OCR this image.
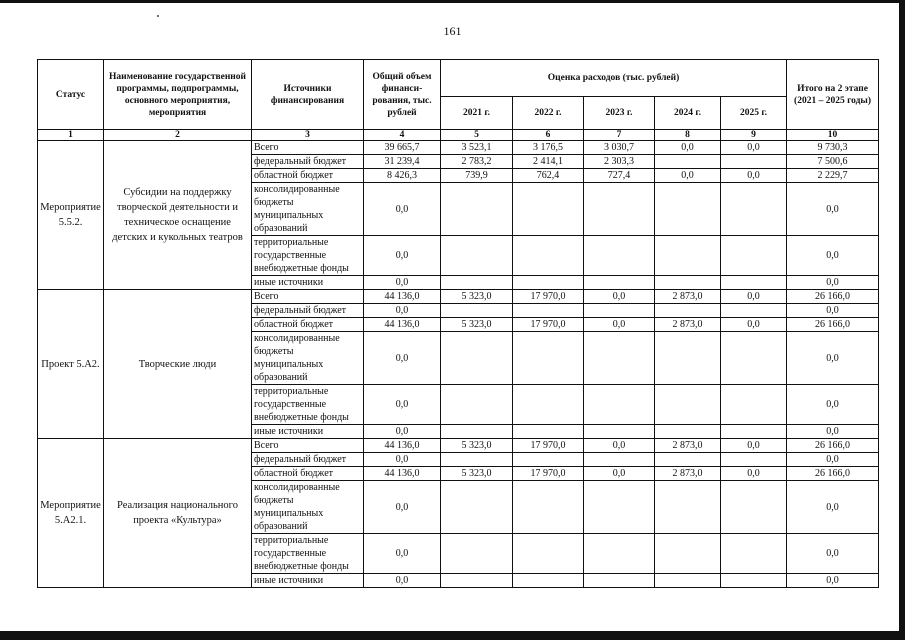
161
Статус	Наименование государственной программы, подпрограммы, основного мероприятия, мероприятия	Источники финансирования	Общий объем финанси-рования, тыс. рублей	Оценка расходов (тыс. рублей)					Итого на 2 этапе (2021 – 2025 годы)
				2021 г.	2022 г.	2023 г.	2024 г.	2025 г.	
1	2	3	4	5	6	7	8	9	10
Мероприятие 5.5.2.	Субсидии на поддержку творческой деятельности и техническое оснащение детских и кукольных театров	Всего	39 665,7	3 523,1	3 176,5	3 030,7	0,0	0,0	9 730,3
		федеральный бюджет	31 239,4	2 783,2	2 414,1	2 303,3			7 500,6
		областной бюджет	8 426,3	739,9	762,4	727,4	0,0	0,0	2 229,7
		консолидированные бюджеты муниципальных образований	0,0						0,0
		территориальные государственные внебюджетные фонды	0,0						0,0
		иные источники	0,0						0,0
Проект 5.А2.	Творческие люди	Всего	44 136,0	5 323,0	17 970,0	0,0	2 873,0	0,0	26 166,0
		федеральный бюджет	0,0						0,0
		областной бюджет	44 136,0	5 323,0	17 970,0	0,0	2 873,0	0,0	26 166,0
		консолидированные бюджеты муниципальных образований	0,0						0,0
		территориальные государственные внебюджетные фонды	0,0						0,0
		иные источники	0,0						0,0
Мероприятие 5.А2.1.	Реализация национального проекта «Культура»	Всего	44 136,0	5 323,0	17 970,0	0,0	2 873,0	0,0	26 166,0
		федеральный бюджет	0,0						0,0
		областной бюджет	44 136,0	5 323,0	17 970,0	0,0	2 873,0	0,0	26 166,0
		консолидированные бюджеты муниципальных образований	0,0						0,0
		территориальные государственные внебюджетные фонды	0,0						0,0
		иные источники	0,0						0,0
